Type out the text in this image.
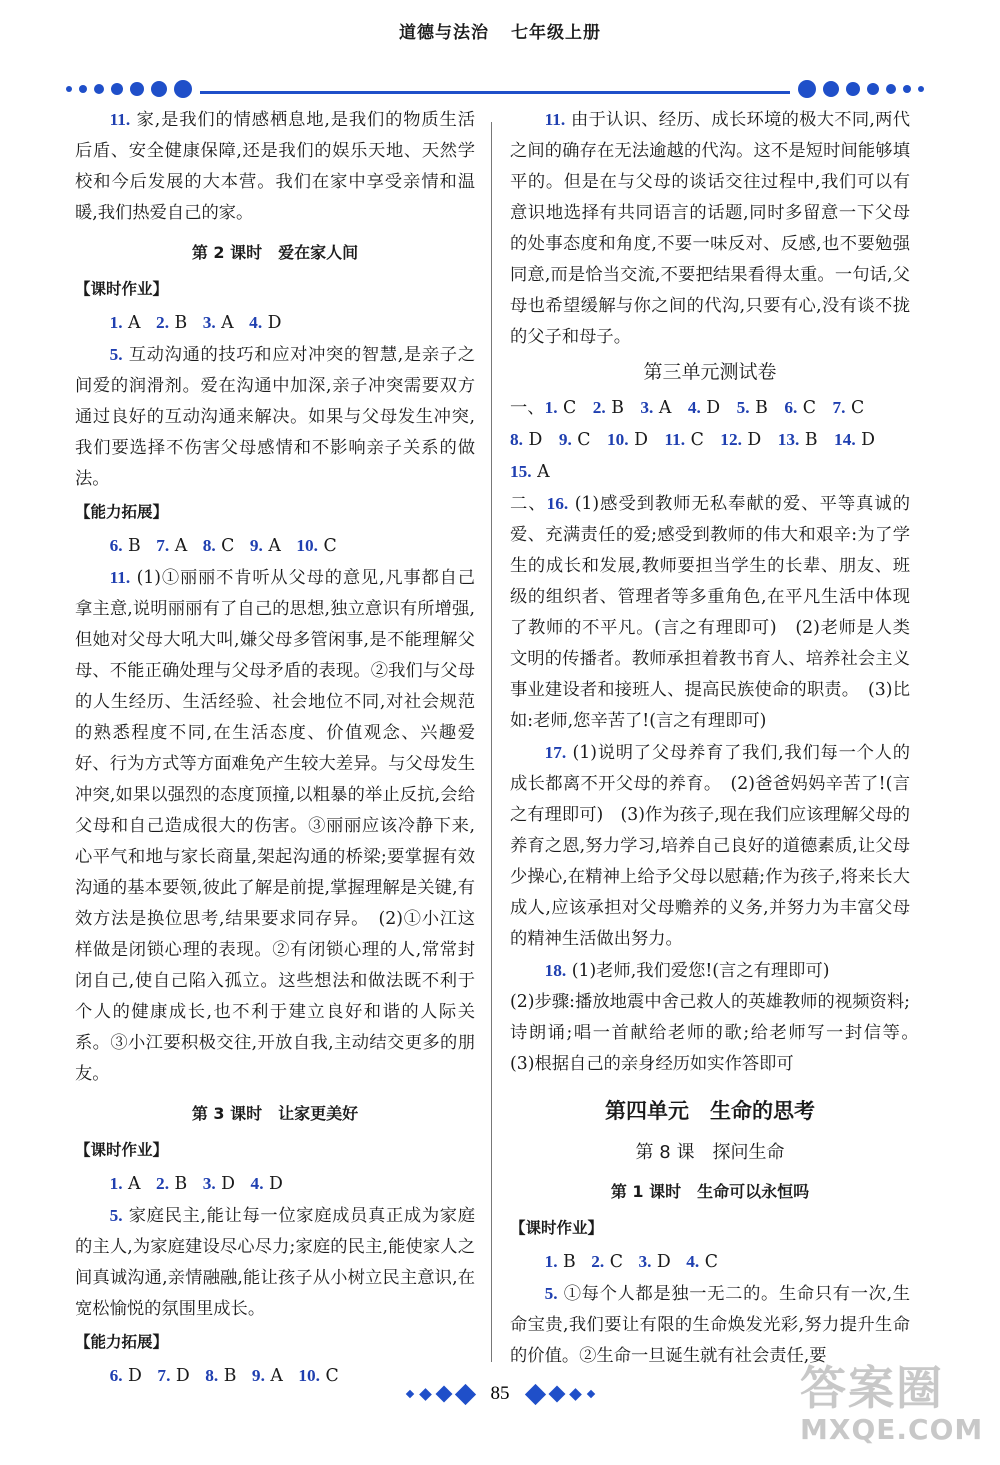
道德与法治 七年级上册

11. 家,是我们的情感栖息地,是我们的物质生活后盾、安全健康保障,还是我们的娱乐天地、天然学校和今后发展的大本营。我们在家中享受亲情和温暖,我们热爱自己的家。

第 2 课时　爱在家人间
【课时作业】

1. A 2. B 3. A 4. D

5. 互动沟通的技巧和应对冲突的智慧,是亲子之间爱的润滑剂。爱在沟通中加深,亲子冲突需要双方通过良好的互动沟通来解决。如果与父母发生冲突,我们要选择不伤害父母感情和不影响亲子关系的做法。

【能力拓展】

6. B 7. A 8. C 9. A 10. C

11. (1)①丽丽不肯听从父母的意见,凡事都自己拿主意,说明丽丽有了自己的思想,独立意识有所增强,但她对父母大吼大叫,嫌父母多管闲事,是不能理解父母、不能正确处理与父母矛盾的表现。②我们与父母的人生经历、生活经验、社会地位不同,对社会规范的熟悉程度不同,在生活态度、价值观念、兴趣爱好、行为方式等方面难免产生较大差异。与父母发生冲突,如果以强烈的态度顶撞,以粗暴的举止反抗,会给父母和自己造成很大的伤害。③丽丽应该冷静下来,心平气和地与家长商量,架起沟通的桥梁;要掌握有效沟通的基本要领,彼此了解是前提,掌握理解是关键,有效方法是换位思考,结果要求同存异。　(2)①小江这样做是闭锁心理的表现。②有闭锁心理的人,常常封闭自己,使自己陷入孤立。这些想法和做法既不利于个人的健康成长,也不利于建立良好和谐的人际关系。③小江要积极交往,开放自我,主动结交更多的朋友。

第 3 课时　让家更美好
【课时作业】

1. A 2. B 3. D 4. D

5. 家庭民主,能让每一位家庭成员真正成为家庭的主人,为家庭建设尽心尽力;家庭的民主,能使家人之间真诚沟通,亲情融融,能让孩子从小树立民主意识,在宽松愉悦的氛围里成长。

【能力拓展】

6. D 7. D 8. B 9. A 10. C

11. 由于认识、经历、成长环境的极大不同,两代之间的确存在无法逾越的代沟。这不是短时间能够填平的。但是在与父母的谈话交往过程中,我们可以有意识地选择有共同语言的话题,同时多留意一下父母的处事态度和角度,不要一味反对、反感,也不要勉强同意,而是恰当交流,不要把结果看得太重。一句话,父母也希望缓解与你之间的代沟,只要有心,没有谈不拢的父子和母子。

第三单元测试卷

一、1. C 2. B 3. A 4. D 5. B 6. C 7. C

8. D 9. C 10. D 11. C 12. D 13. B 14. D

15. A

二、16. (1)感受到教师无私奉献的爱、平等真诚的爱、充满责任的爱;感受到教师的伟大和艰辛:为了学生的成长和发展,教师要担当学生的长辈、朋友、班级的组织者、管理者等多重角色,在平凡生活中体现了教师的不平凡。(言之有理即可)　(2)老师是人类文明的传播者。教师承担着教书育人、培养社会主义事业建设者和接班人、提高民族使命的职责。　(3)比如:老师,您辛苦了!(言之有理即可)

17. (1)说明了父母养育了我们,我们每一个人的成长都离不开父母的养育。　(2)爸爸妈妈辛苦了!(言之有理即可)　(3)作为孩子,现在我们应该理解父母的养育之恩,努力学习,培养自己良好的道德素质,让父母少操心,在精神上给予父母以慰藉;作为孩子,将来长大成人,应该承担对父母赡养的义务,并努力为丰富父母的精神生活做出努力。

18. (1)老师,我们爱您!(言之有理即可)

(2)步骤:播放地震中舍己救人的英雄教师的视频资料;诗朗诵;唱一首献给老师的歌;给老师写一封信等。　(3)根据自己的亲身经历如实作答即可

第四单元　生命的思考
第 8 课　探问生命
第 1 课时　生命可以永恒吗
【课时作业】

1. B 2. C 3. D 4. C

5. ①每个人都是独一无二的。生命只有一次,生命宝贵,我们要让有限的生命焕发光彩,努力提升生命的价值。②生命一旦诞生就有社会责任,要

85	答案圈
MXQE.COM
